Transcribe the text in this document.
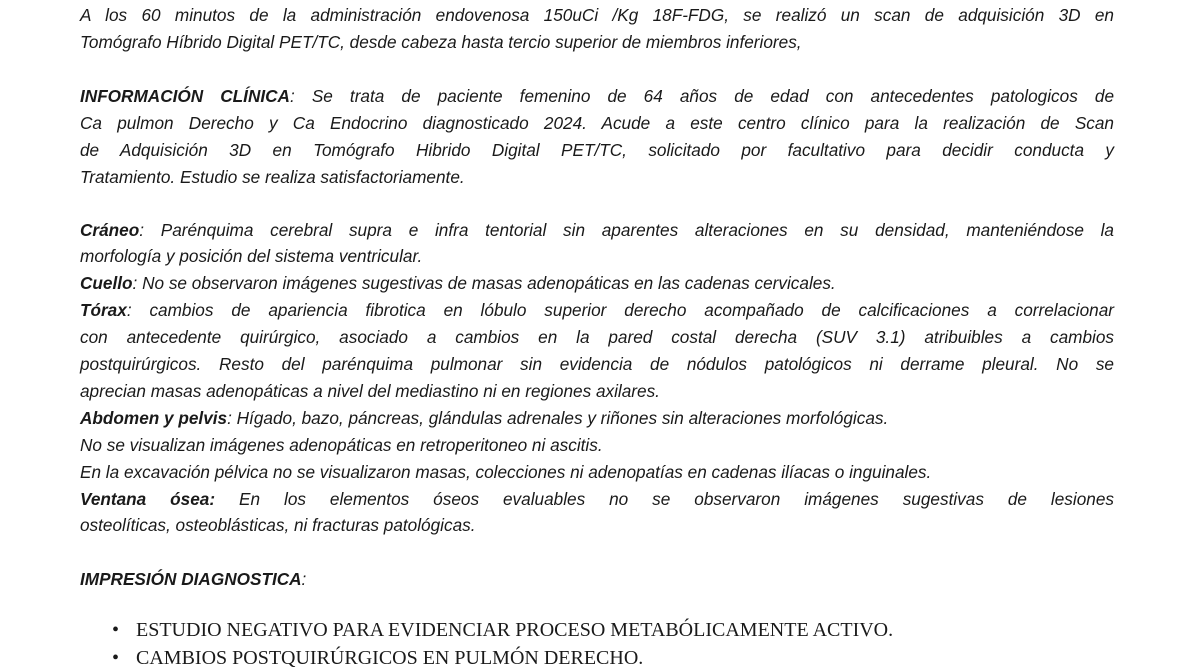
A los 60 minutos de la administración endovenosa 150uCi /Kg 18F-FDG, se realizó un scan de adquisición 3D en
Tomógrafo Híbrido Digital PET/TC, desde cabeza hasta tercio superior de miembros inferiores,
INFORMACIÓN CLÍNICA: Se trata de paciente femenino de 64 años de edad con antecedentes patologicos de
Ca pulmon Derecho y Ca Endocrino diagnosticado 2024. Acude a este centro clínico para la realización de Scan
de Adquisición 3D en Tomógrafo Hibrido Digital PET/TC, solicitado por facultativo para decidir conducta y
Tratamiento. Estudio se realiza satisfactoriamente.
Cráneo: Parénquima cerebral supra e infra tentorial sin aparentes alteraciones en su densidad, manteniéndose la
morfología y posición del sistema ventricular.
Cuello: No se observaron imágenes sugestivas de masas adenopáticas en las cadenas cervicales.
Tórax: cambios de apariencia fibrotica en lóbulo superior derecho acompañado de calcificaciones a correlacionar
con antecedente quirúrgico, asociado a cambios en la pared costal derecha (SUV 3.1) atribuibles a cambios
postquirúrgicos. Resto del parénquima pulmonar sin evidencia de nódulos patológicos ni derrame pleural. No se
aprecian masas adenopáticas a nivel del mediastino ni en regiones axilares.
Abdomen y pelvis: Hígado, bazo, páncreas, glándulas adrenales y riñones sin alteraciones morfológicas.
No se visualizan imágenes adenopáticas en retroperitoneo ni ascitis.
En la excavación pélvica no se visualizaron masas, colecciones ni adenopatías en cadenas ilíacas o inguinales.
Ventana ósea: En los elementos óseos evaluables no se observaron imágenes sugestivas de lesiones
osteolíticas, osteoblásticas, ni fracturas patológicas.
IMPRESIÓN DIAGNOSTICA:
• ESTUDIO NEGATIVO PARA EVIDENCIAR PROCESO METABÓLICAMENTE ACTIVO.
• CAMBIOS POSTQUIRÚRGICOS EN PULMÓN DERECHO.
